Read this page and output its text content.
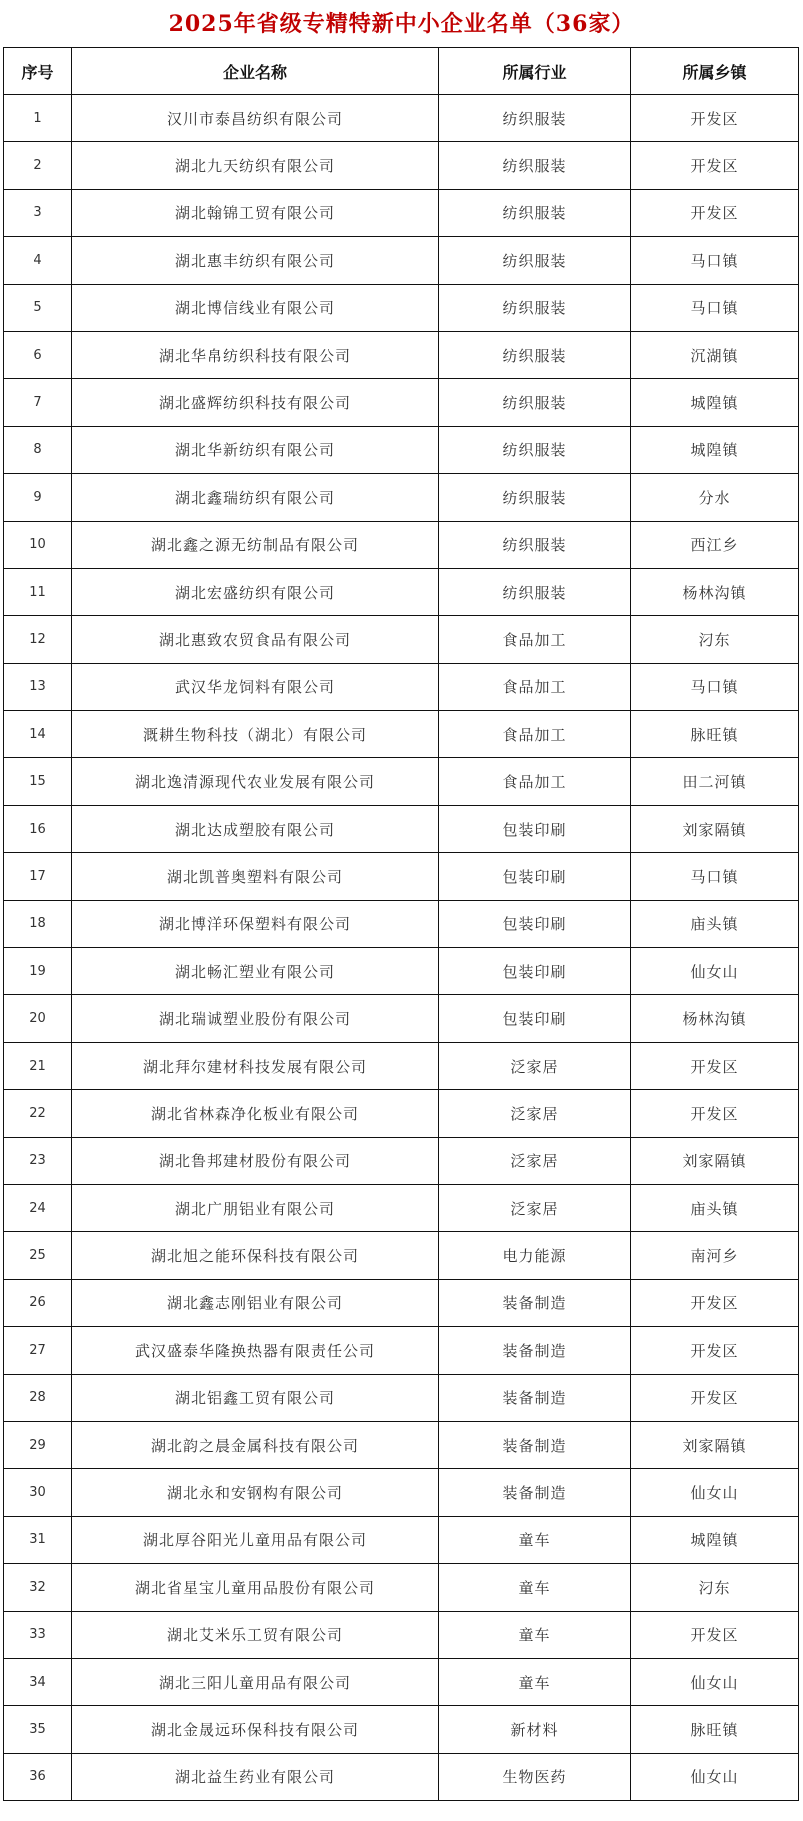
2025年省级专精特新中小企业名单（36家）
序号	企业名称	所属行业	所属乡镇
1	汉川市泰昌纺织有限公司	纺织服装	开发区
2	湖北九天纺织有限公司	纺织服装	开发区
3	湖北翰锦工贸有限公司	纺织服装	开发区
4	湖北惠丰纺织有限公司	纺织服装	马口镇
5	湖北博信线业有限公司	纺织服装	马口镇
6	湖北华帛纺织科技有限公司	纺织服装	沉湖镇
7	湖北盛辉纺织科技有限公司	纺织服装	城隍镇
8	湖北华新纺织有限公司	纺织服装	城隍镇
9	湖北鑫瑞纺织有限公司	纺织服装	分水
10	湖北鑫之源无纺制品有限公司	纺织服装	西江乡
11	湖北宏盛纺织有限公司	纺织服装	杨林沟镇
12	湖北惠致农贸食品有限公司	食品加工	汈东
13	武汉华龙饲料有限公司	食品加工	马口镇
14	溉耕生物科技（湖北）有限公司	食品加工	脉旺镇
15	湖北逸清源现代农业发展有限公司	食品加工	田二河镇
16	湖北达成塑胶有限公司	包装印刷	刘家隔镇
17	湖北凯普奥塑料有限公司	包装印刷	马口镇
18	湖北博洋环保塑料有限公司	包装印刷	庙头镇
19	湖北畅汇塑业有限公司	包装印刷	仙女山
20	湖北瑞诚塑业股份有限公司	包装印刷	杨林沟镇
21	湖北拜尔建材科技发展有限公司	泛家居	开发区
22	湖北省林森净化板业有限公司	泛家居	开发区
23	湖北鲁邦建材股份有限公司	泛家居	刘家隔镇
24	湖北广朋铝业有限公司	泛家居	庙头镇
25	湖北旭之能环保科技有限公司	电力能源	南河乡
26	湖北鑫志刚铝业有限公司	装备制造	开发区
27	武汉盛泰华隆换热器有限责任公司	装备制造	开发区
28	湖北铝鑫工贸有限公司	装备制造	开发区
29	湖北韵之晨金属科技有限公司	装备制造	刘家隔镇
30	湖北永和安钢构有限公司	装备制造	仙女山
31	湖北厚谷阳光儿童用品有限公司	童车	城隍镇
32	湖北省星宝儿童用品股份有限公司	童车	汈东
33	湖北艾米乐工贸有限公司	童车	开发区
34	湖北三阳儿童用品有限公司	童车	仙女山
35	湖北金晟远环保科技有限公司	新材料	脉旺镇
36	湖北益生药业有限公司	生物医药	仙女山
